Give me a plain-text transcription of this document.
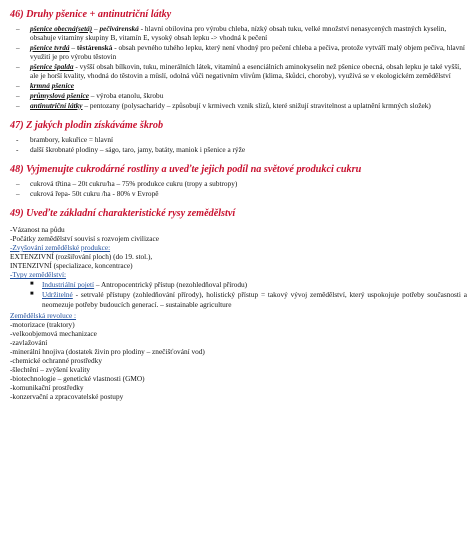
46) Druhy pšenice + antinutriční látky
– pšenice obecná(setá) – pečivárenská - hlavní obilovina pro výrobu chleba, nízký obsah tuku, velké množství nenasycených mastných kyselin, obsahuje vitamíny skupiny B, vitamín E, vysoký obsah lepku -> vhodná k pečení
– pšenice tvrdá – těstárenská - obsah pevného tuhého lepku, který není vhodný pro pečení chleba a pečiva, protože vytváří malý objem pečiva, hlavní využití je pro výrobu těstovin
– pšenice špalda - vyšší obsah bílkovin, tuku, minerálních látek, vitamínů a esenciálních aminokyselin než pšenice obecná, obsah lepku je také vyšší, ale je horší kvality, vhodná do těstovin a müslí, odolná vůči negativním vlivům (klima, škůdci, choroby), využívá se v ekologickém zemědělství
– krmná pšenice
– průmyslová pšenice – výroba etanolu, škrobu
– antinutriční látky – pentozany (polysacharidy – způsobují v krmivech vznik slizů, které snižují stravitelnost a uplatnění krmných složek)
47) Z jakých plodin získáváme škrob
- brambory, kukuřice = hlavní
- další škrobnaté plodiny – ságo, taro, jamy, batáty, maniok i pšenice a rýže
48) Vyjmenujte cukrodárné rostliny a uveďte jejich podíl na světové produkci cukru
– cukrová třtina – 20t cukru/ha – 75% produkce cukru (tropy a subtropy)
– cukrová řepa- 50t cukru /ha - 80% v Evropě
49) Uveďte základní charakteristické rysy zemědělství
-Vázanost na půdu
-Počátky zemědělství souvisí s rozvojem civilizace
-Zvyšování zemědělské produkce:
EXTENZIVNÍ (rozšiřování ploch) (do 19. stol.),
INTENZIVNÍ (specializace, koncentrace)
-Typy zemědělství:
■ Industriální pojetí – Antropocentrický přístup (nezohledňoval přírodu)
■ Udržitelné - setrvalé přístupy (zohledňování přírody), holistický přístup = takový vývoj zemědělství, který uspokojuje potřeby současnosti a neomezuje potřeby budoucích generací. – sustainable agriculture
Zemědělská revoluce :
-motorizace (traktory)
-velkoobjemová mechanizace
-zavlažování
-minerální hnojiva (dostatek živin pro plodiny – znečišťování vod)
-chemické ochranné prostředky
-šlechtění – zvýšení kvality
-biotechnologie – genetické vlastnosti (GMO)
-komunikační prostředky
-konzervační a zpracovatelské postupy
